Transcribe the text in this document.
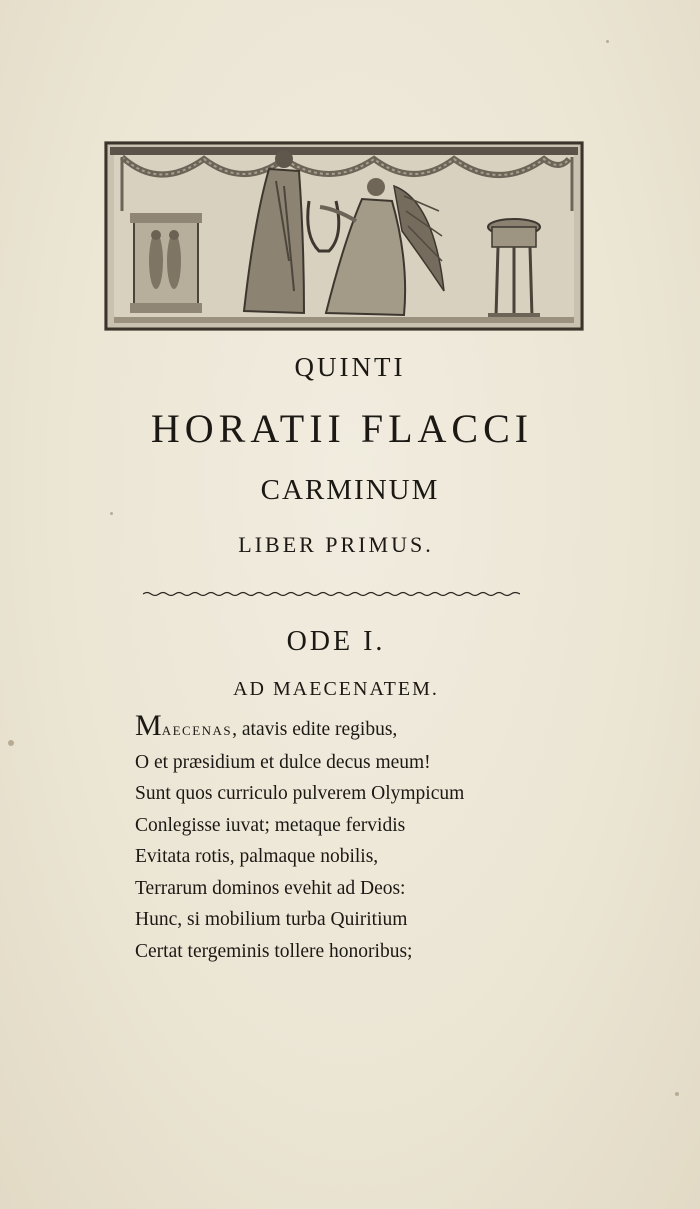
QUINTI
HORATII FLACCI
CARMINUM
LIBER PRIMUS.
ODE I.
AD MAECENATEM.
MAECENAS, atavis edite regibus,
O et præsidium et dulce decus meum!
Sunt quos curriculo pulverem Olympicum
Conlegisse iuvat; metaque fervidis
Evitata rotis, palmaque nobilis,
Terrarum dominos evehit ad Deos:
Hunc, si mobilium turba Quiritium
Certat tergeminis tollere honoribus;
